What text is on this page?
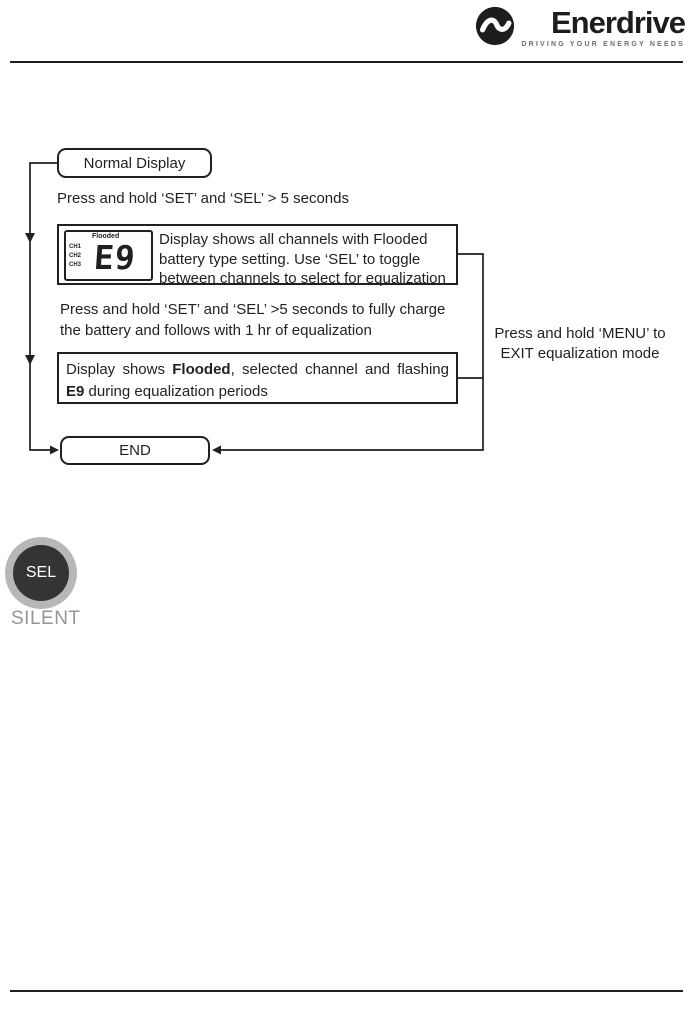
Enerdrive
DRIVING YOUR ENERGY NEEDS
Normal Display
Press and hold ‘SET’ and ‘SEL’ > 5 seconds
Flooded
CH1
CH2
CH3 E9 Display shows all channels with Flooded battery type setting. Use ‘SEL’ to toggle between channels to select for equalization
Press and hold ‘SET’ and ‘SEL’ >5 seconds to fully charge
the battery and follows with 1 hr of equalization
Display shows Flooded, selected channel and flashing E9 during equalization periods
Press and hold ‘MENU’ to
EXIT equalization mode
END
SEL
SILENT
